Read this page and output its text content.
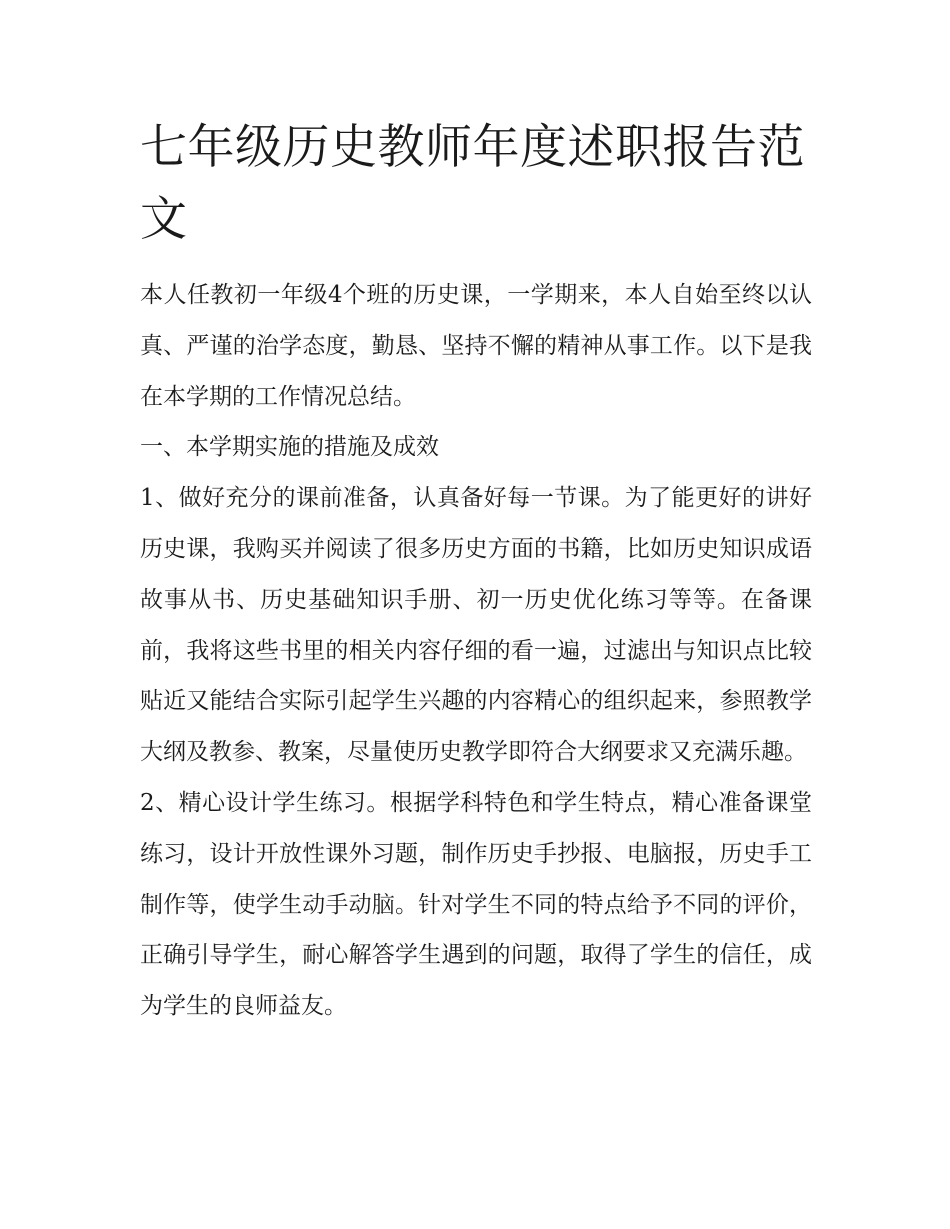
七年级历史教师年度述职报告范文

本人任教初一年级4个班的历史课，一学期来，本人自始至终以认真、严谨的治学态度，勤恳、坚持不懈的精神从事工作。以下是我在本学期的工作情况总结。

一、本学期实施的措施及成效

1、做好充分的课前准备，认真备好每一节课。为了能更好的讲好历史课，我购买并阅读了很多历史方面的书籍，比如历史知识成语故事从书、历史基础知识手册、初一历史优化练习等等。在备课前，我将这些书里的相关内容仔细的看一遍，过滤出与知识点比较贴近又能结合实际引起学生兴趣的内容精心的组织起来，参照教学大纲及教参、教案，尽量使历史教学即符合大纲要求又充满乐趣。

2、精心设计学生练习。根据学科特色和学生特点，精心准备课堂练习，设计开放性课外习题，制作历史手抄报、电脑报，历史手工制作等，使学生动手动脑。针对学生不同的特点给予不同的评价，正确引导学生，耐心解答学生遇到的问题，取得了学生的信任，成为学生的良师益友。
